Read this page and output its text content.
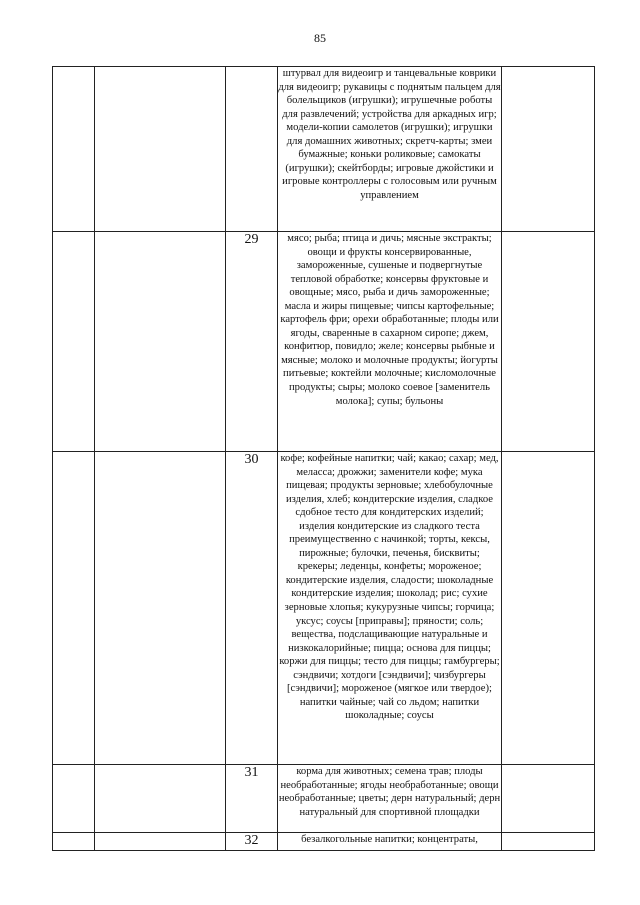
85
			штурвал для видеоигр и танцевальные коврики для видеоигр; рукавицы с поднятым пальцем для болельщиков (игрушки); игрушечные роботы для развлечений; устройства для аркадных игр; модели-копии самолетов (игрушки); игрушки для домашних животных; скретч-карты; змеи бумажные; коньки роликовые; самокаты (игрушки); скейтборды; игровые джойстики и игровые контроллеры с голосовым или ручным управлением	
		29	мясо; рыба; птица и дичь; мясные экстракты; овощи и фрукты консервированные, замороженные, сушеные и подвергнутые тепловой обработке; консервы фруктовые и овощные; мясо, рыба и дичь замороженные; масла и жиры пищевые; чипсы картофельные; картофель фри; орехи обработанные; плоды или ягоды, сваренные в сахарном сиропе; джем, конфитюр, повидло; желе; консервы рыбные и мясные; молоко и молочные продукты; йогурты питьевые; коктейли молочные; кисломолочные продукты; сыры; молоко соевое [заменитель молока]; супы; бульоны	
		30	кофе; кофейные напитки; чай; какао; сахар; мед, меласса; дрожжи; заменители кофе; мука пищевая; продукты зерновые; хлебобулочные изделия, хлеб; кондитерские изделия, сладкое сдобное тесто для кондитерских изделий; изделия кондитерские из сладкого теста преимущественно с начинкой; торты, кексы, пирожные; булочки, печенья, бисквиты; крекеры; леденцы, конфеты; мороженое; кондитерские изделия, сладости; шоколадные кондитерские изделия; шоколад; рис; сухие зерновые хлопья; кукурузные чипсы; горчица; уксус; соусы [приправы]; пряности; соль; вещества, подслащивающие натуральные и низкокалорийные; пицца; основа для пиццы; коржи для пиццы; тесто для пиццы; гамбургеры; сэндвичи; хотдоги [сэндвичи]; чизбургеры [сэндвичи]; мороженое (мягкое или твердое); напитки чайные; чай со льдом; напитки шоколадные; соусы	
		31	корма для животных; семена трав; плоды необработанные; ягоды необработанные; овощи необработанные; цветы; дерн натуральный; дерн натуральный для спортивной площадки	
		32	безалкогольные напитки; концентраты,	
